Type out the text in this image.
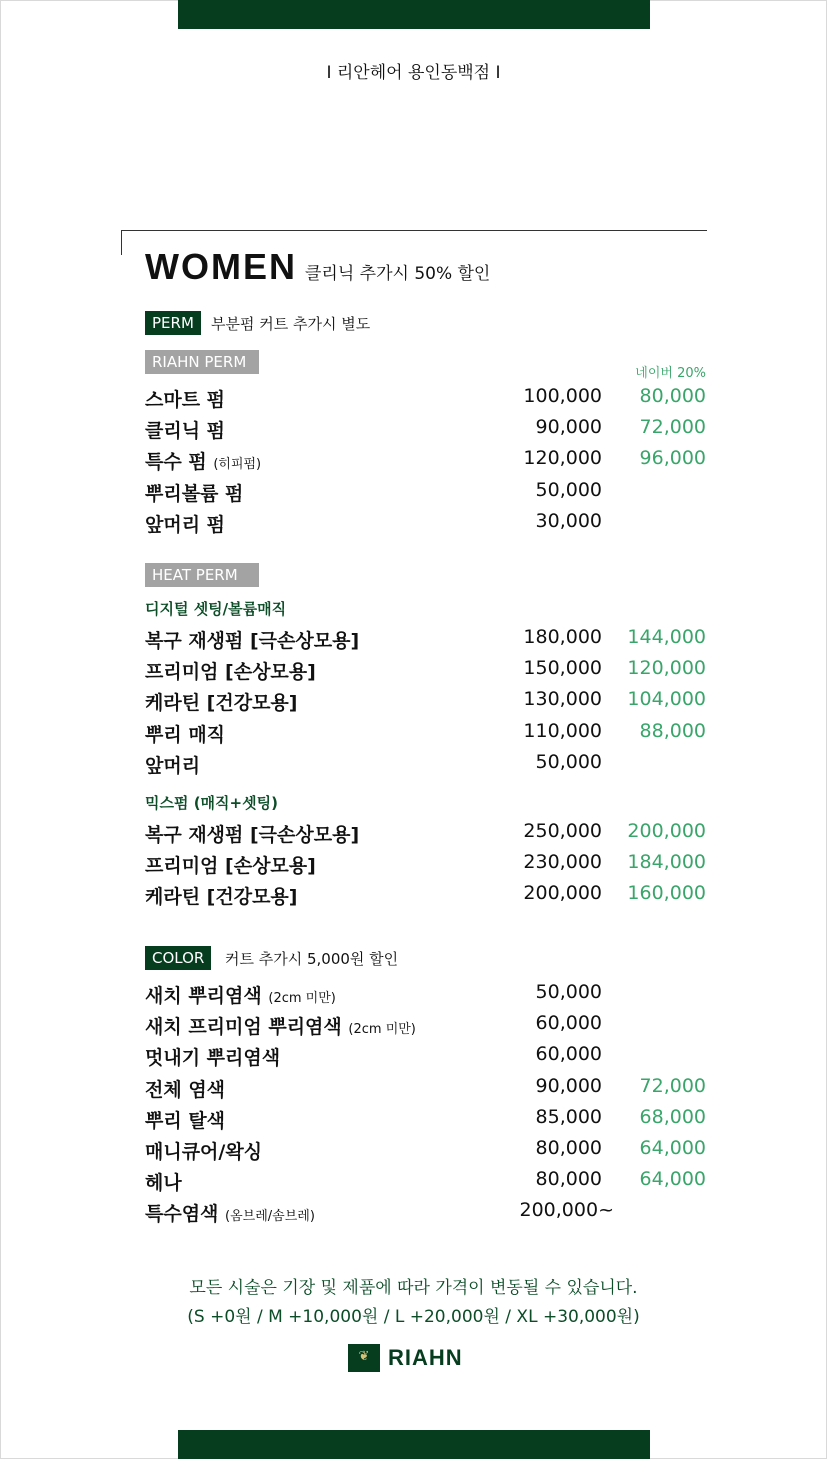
I 리안헤어 용인동백점 I
WOMEN 클리닉 추가시 50% 할인
PERM	부분펌 커트 추가시 별도
RIAHN PERM
네이버 20%
스마트 펌	100,000 80,000
클리닉 펌	90,000 72,000
특수 펌 (히피펌)	120,000 96,000
뿌리볼륨 펌	50,000
앞머리 펌	30,000
HEAT PERM
디지털 셋팅/볼륨매직
복구 재생펌 [극손상모용]	180,000 144,000
프리미엄 [손상모용]	150,000 120,000
케라틴 [건강모용]	130,000 104,000
뿌리 매직	110,000 88,000
앞머리	50,000
믹스펌 (매직+셋팅)
복구 재생펌 [극손상모용]	250,000 200,000
프리미엄 [손상모용]	230,000 184,000
케라틴 [건강모용]	200,000 160,000
COLOR	커트 추가시 5,000원 할인
새치 뿌리염색 (2cm 미만)	50,000
새치 프리미엄 뿌리염색 (2cm 미만)	60,000
멋내기 뿌리염색	60,000
전체 염색	90,000 72,000
뿌리 탈색	85,000 68,000
매니큐어/왁싱	80,000 64,000
헤나	80,000 64,000
특수염색 (옴브레/솜브레)	200,000~
모든 시술은 기장 및 제품에 따라 가격이 변동될 수 있습니다.
(S +0원 / M +10,000원 / L +20,000원 / XL +30,000원)
❦ RIAHN
